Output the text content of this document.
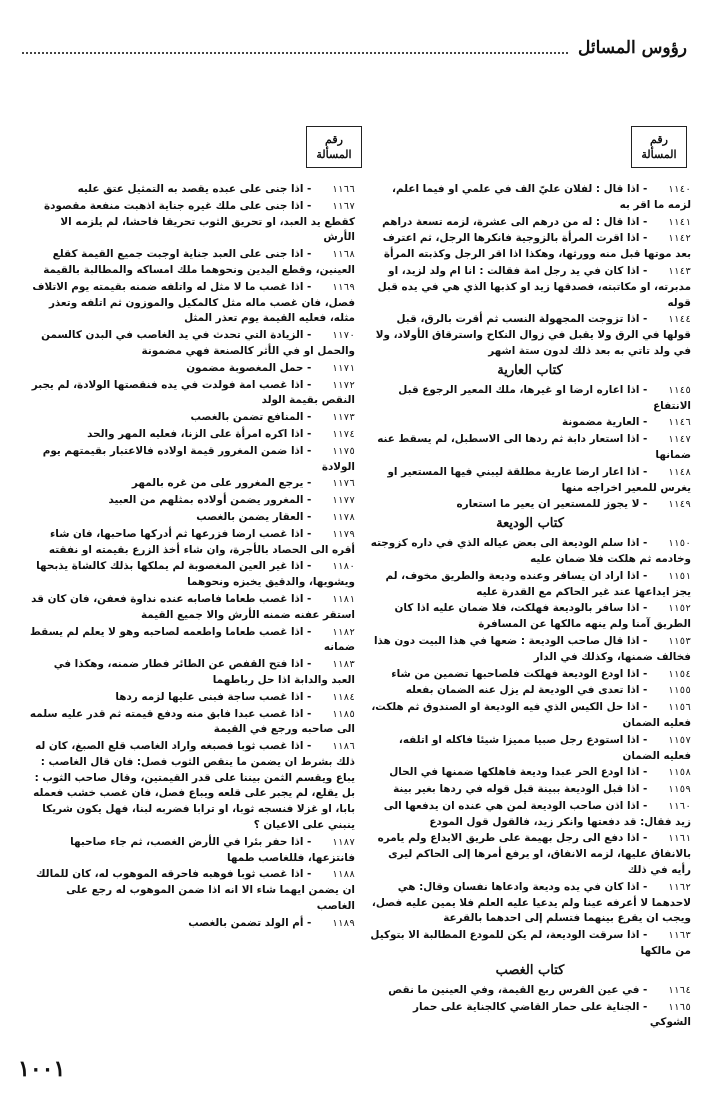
رؤوس المسائل
رقم
المسألة
رقم
المسألة
١١٤٠ - اذا قال : لفلان عليّ الف في علمي او فيما اعلم، لزمه ما اقر به
١١٤١ - اذا قال : له من درهم الى عشرة، لزمه تسعة دراهم
١١٤٢ - اذا اقرت المرأة بالزوجية فانكرها الرجل، ثم اعترف بعد موتها قبل منه وورثها، وهكذا اذا اقر الرجل وكذبته المرأة
١١٤٣ - اذا كان في يد رجل امة فقالت : انا ام ولد لزيد، او مدبرته، او مكاتبته، فصدقها زيد او كذبها الذي هي في يده قبل قوله
١١٤٤ - اذا تزوجت المجهولة النسب ثم أقرت بالرق، قبل قولها في الرق ولا يقبل في زوال النكاح واسترقاق الأولاد، ولا في ولد تاتي به بعد ذلك لدون ستة اشهر
كتاب العارية
١١٤٥ - اذا اعاره ارضا او غيرها، ملك المعير الرجوع قبل الانتفاع
١١٤٦ - العارية مضمونة
١١٤٧ - اذا استعار دابة ثم ردها الى الاسطبل، لم يسقط عنه ضمانها
١١٤٨ - اذا اعار ارضا عارية مطلقة ليبني فيها المستعير او يغرس للمعير اخراجه منها
١١٤٩ - لا يجوز للمستعير ان يعير ما استعاره
كتاب الوديعة
١١٥٠ - اذا سلم الوديعة الى بعض عياله الذي في داره كزوجته وخادمه ثم هلكت فلا ضمان عليه
١١٥١ - اذا اراد ان يسافر وعنده وديعة والطريق مخوف، لم يجز ايداعها عند غير الحاكم مع القدرة عليه
١١٥٢ - اذا سافر بالوديعة فهلكت، فلا ضمان عليه اذا كان الطريق آمنا ولم ينهه مالكها عن المسافرة
١١٥٣ - اذا قال صاحب الوديعة : ضعها في هذا البيت دون هذا فخالف ضمنها، وكذلك في الدار
١١٥٤ - اذا اودع الوديعة فهلكت فلصاحبها تضمين من شاء
١١٥٥ - اذا تعدى في الوديعة لم يزل عنه الضمان بفعله
١١٥٦ - اذا حل الكيس الذي فيه الوديعة او الصندوق ثم هلكت، فعليه الضمان
١١٥٧ - اذا استودع رجل صبيا مميزا شيئا فاكله او اتلفه، فعليه الضمان
١١٥٨ - اذا اودع الحر عبدا وديعة فاهلكها ضمنها في الحال
١١٥٩ - اذا قبل الوديعة ببينة قبل قوله في ردها بغير بينة
١١٦٠ - اذا اذن صاحب الوديعة لمن هي عنده ان يدفعها الى زيد فقال: قد دفعتها وانكر زيد، فالقول قول المودع
١١٦١ - اذا دفع الى رجل بهيمة على طريق الايداع ولم يامره بالانفاق عليها، لزمه الانفاق، او يرفع أمرها إلى الحاكم ليرى رأيه في ذلك
١١٦٢ - اذا كان في يده وديعة وادعاها نفسان وقال: هي لاحدهما لا أعرفه عينا ولم يدعيا عليه العلم فلا يمين عليه فصل، ويجب ان يقرع بينهما فتسلم إلى احدهما بالقرعة
١١٦٣ - اذا سرقت الوديعة، لم يكن للمودع المطالبة الا بتوكيل من مالكها
كتاب الغصب
١١٦٤ - في عين الفرس ربع القيمة، وفي العينين ما نقص
١١٦٥ - الجناية على حمار القاضي كالجناية على حمار الشوكي
١١٦٦ - اذا جنى على عبده يقصد به التمثيل عتق عليه
١١٦٧ - اذا جنى على ملك غيره جناية اذهبت منفعة مقصودة كقطع يد العبد، او تحريق الثوب تحريقا فاحشا، لم يلزمه الا الأرش
١١٦٨ - اذا جنى على العبد جناية اوجبت جميع القيمة كقلع العينين، وقطع اليدين ونحوهما ملك امساكه والمطالبة بالقيمة
١١٦٩ - اذا غصب ما لا مثل له واتلفه ضمنه بقيمته يوم الاتلاف فصل، فان غصب ماله مثل كالمكيل والموزون ثم اتلفه وتعذر مثله، فعليه القيمة يوم تعذر المثل
١١٧٠ - الزيادة التي تحدث في يد الغاصب في البدن كالسمن والحمل او في الأثر كالصنعة فهي مضمونة
١١٧١ - حمل المغصوبة مضمون
١١٧٢ - اذا غصب امة فولدت في يده فنقصتها الولادة، لم يجبر النقص بقيمة الولد
١١٧٣ - المنافع تضمن بالغصب
١١٧٤ - اذا اكره امرأة على الزنا، فعليه المهر والحد
١١٧٥ - اذا ضمن المغرور قيمة اولاده فالاعتبار بقيمتهم يوم الولادة
١١٧٦ - يرجع المغرور على من غره بالمهر
١١٧٧ - المغرور يضمن أولاده بمثلهم من العبيد
١١٧٨ - العقار يضمن بالغصب
١١٧٩ - اذا غصب ارضا فزرعها ثم أدركها صاحبها، فان شاء أقره الى الحصاد بالأجرة، وان شاء أخذ الزرع بقيمته او نفقته
١١٨٠ - اذا غير العين المغصوبة لم يملكها بذلك كالشاة يذبحها ويشويها، والدقيق يخبزه ونحوهما
١١٨١ - اذا غصب طعاما فاصابه عنده نداوة فعفن، فان كان قد استقر عفنه ضمنه الأرش والا جميع القيمة
١١٨٢ - اذا غصب طعاما واطعمه لصاحبه وهو لا يعلم لم يسقط ضمانه
١١٨٣ - اذا فتح القفص عن الطائر فطار ضمنه، وهكذا في العبد والدابة اذا حل رباطهما
١١٨٤ - اذا غصب ساجة فبنى عليها لزمه ردها
١١٨٥ - اذا غصب عبدا فابق منه ودفع قيمته ثم قدر عليه سلمه الى صاحبه ورجع في القيمة
١١٨٦ - اذا غصب ثوبا فصبغه واراد الغاصب قلع الصبغ، كان له ذلك بشرط ان يضمن ما ينقص الثوب فصل: فان قال الغاصب : يباع ويقسم الثمن بيننا على قدر القيمتين، وقال صاحب الثوب : بل يقلع، لم يجبر على قلعه ويباع فصل، فان غصب خشب فعمله بابا، او غزلا فنسجه ثوبا، او ترابا فضربه لبنا، فهل يكون شريكا ينبني على الاعيان ؟
١١٨٧ - اذا حفر بئرا في الأرض الغصب، ثم جاء صاحبها فانتزعها، فللغاصب طمها
١١٨٨ - اذا غصب ثوبا فوهبه فاحرقه الموهوب له، كان للمالك ان يضمن ايهما شاء الا انه اذا ضمن الموهوب له رجع على الغاصب
١١٨٩ - أم الولد تضمن بالغصب
١٠٠١
